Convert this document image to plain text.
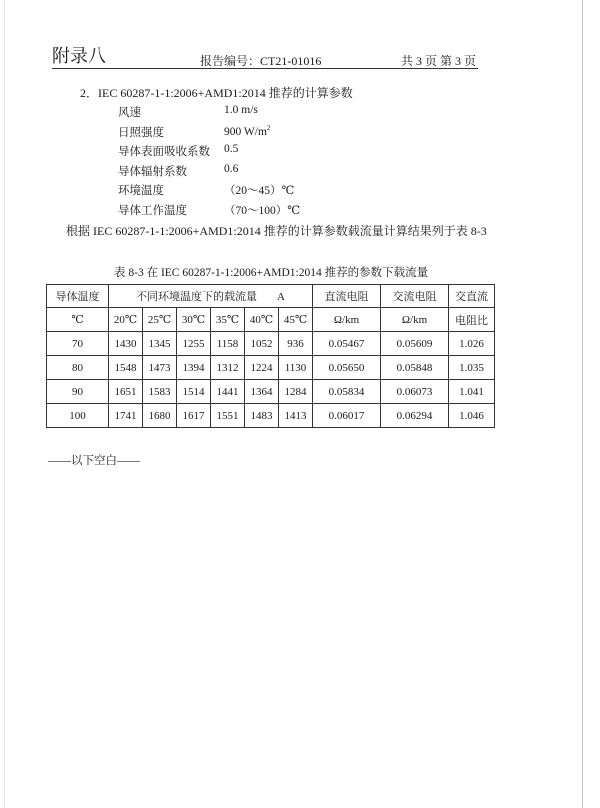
附录八	报告编号：CT21-01016	共 3 页 第 3 页
2．IEC 60287-1-1:2006+AMD1:2014 推荐的计算参数
风速	1.0 m/s
日照强度	900 $W/m^2$
导体表面吸收系数 0.5
导体辐射系数	0.6
环境温度	（20～45）℃
导体工作温度	（70～100）℃
根据 IEC 60287-1-1:2006+AMD1:2014 推荐的计算参数载流量计算结果列于表 8-3
表 8-3 在 IEC 60287-1-1:2006+AMD1:2014 推荐的参数下载流量
导体温度	不同环境温度下的载流量 A						直流电阻	交流电阻	交直流
℃	20℃	25℃	30℃	35℃	40℃	45℃	Ω/km	Ω/km	电阻比
70	1430	1345	1255	1158	1052	936	0.05467	0.05609	1.026
80	1548	1473	1394	1312	1224	1130	0.05650	0.05848	1.035
90	1651	1583	1514	1441	1364	1284	0.05834	0.06073	1.041
100	1741	1680	1617	1551	1483	1413	0.06017	0.06294	1.046
——以下空白——
